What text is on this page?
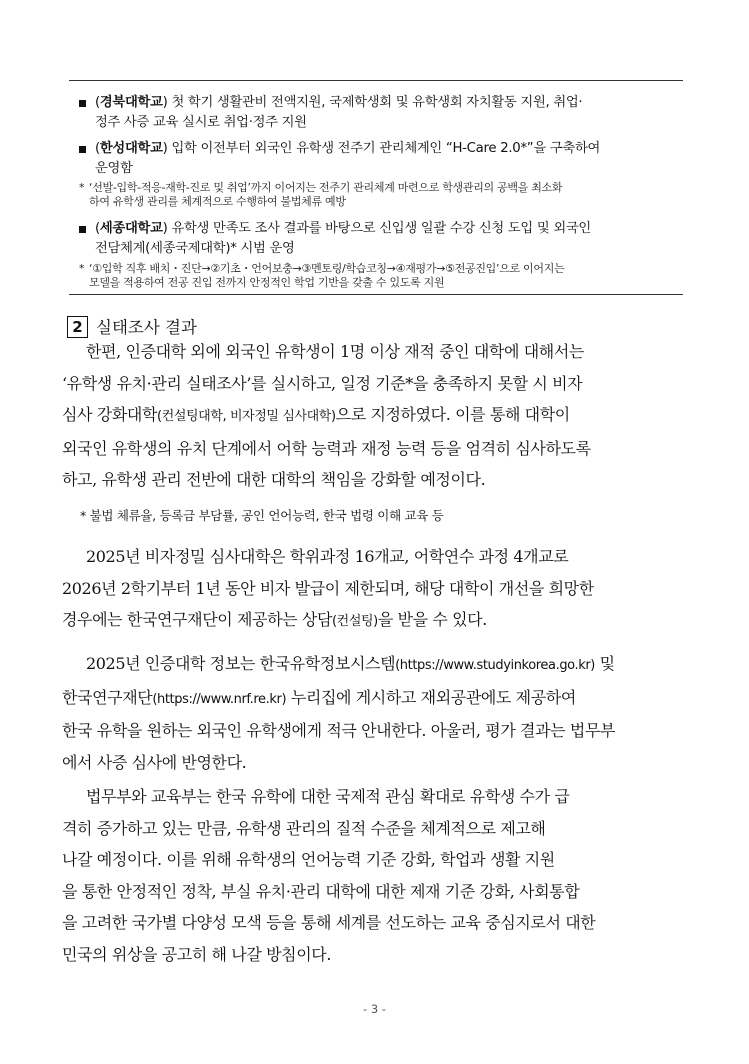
(경북대학교) 첫 학기 생활관비 전액지원, 국제학생회 및 유학생회 자치활동 지원, 취업·
정주 사증 교육 실시로 취업·정주 지원
(한성대학교) 입학 이전부터 외국인 유학생 전주기 관리체계인 “H-Care 2.0*”을 구축하여
운영함
* ‘선발-입학-적응-재학-진로 및 취업’까지 이어지는 전주기 관리체계 마련으로 학생관리의 공백을 최소화
하여 유학생 관리를 체계적으로 수행하여 불법체류 예방
(세종대학교) 유학생 만족도 조사 결과를 바탕으로 신입생 일괄 수강 신청 도입 및 외국인
전담체계(세종국제대학)* 시범 운영
* ‘①입학 직후 배치・진단→②기초・언어보충→③멘토링/학습코칭→④재평가→⑤전공진입’으로 이어지는
모델을 적용하여 전공 진입 전까지 안정적인 학업 기반을 갖출 수 있도록 지원
2 실태조사 결과
한편, 인증대학 외에 외국인 유학생이 1명 이상 재적 중인 대학에 대해서는
‘유학생 유치·관리 실태조사’를 실시하고, 일정 기준*을 충족하지 못할 시 비자
심사 강화대학(컨설팅대학, 비자정밀 심사대학)으로 지정하였다. 이를 통해 대학이
외국인 유학생의 유치 단계에서 어학 능력과 재정 능력 등을 엄격히 심사하도록
하고, 유학생 관리 전반에 대한 대학의 책임을 강화할 예정이다.
* 불법 체류율, 등록금 부담률, 공인 언어능력, 한국 법령 이해 교육 등
2025년 비자정밀 심사대학은 학위과정 16개교, 어학연수 과정 4개교로
2026년 2학기부터 1년 동안 비자 발급이 제한되며, 해당 대학이 개선을 희망한
경우에는 한국연구재단이 제공하는 상담(컨설팅)을 받을 수 있다.
2025년 인증대학 정보는 한국유학정보시스템(https://www.studyinkorea.go.kr) 및
한국연구재단(https://www.nrf.re.kr) 누리집에 게시하고 재외공관에도 제공하여
한국 유학을 원하는 외국인 유학생에게 적극 안내한다. 아울러, 평가 결과는 법무부
에서 사증 심사에 반영한다.
법무부와 교육부는 한국 유학에 대한 국제적 관심 확대로 유학생 수가 급
격히 증가하고 있는 만큼, 유학생 관리의 질적 수준을 체계적으로 제고해
나갈 예정이다. 이를 위해 유학생의 언어능력 기준 강화, 학업과 생활 지원
을 통한 안정적인 정착, 부실 유치·관리 대학에 대한 제재 기준 강화, 사회통합
을 고려한 국가별 다양성 모색 등을 통해 세계를 선도하는 교육 중심지로서 대한
민국의 위상을 공고히 해 나갈 방침이다.
- 3 -
